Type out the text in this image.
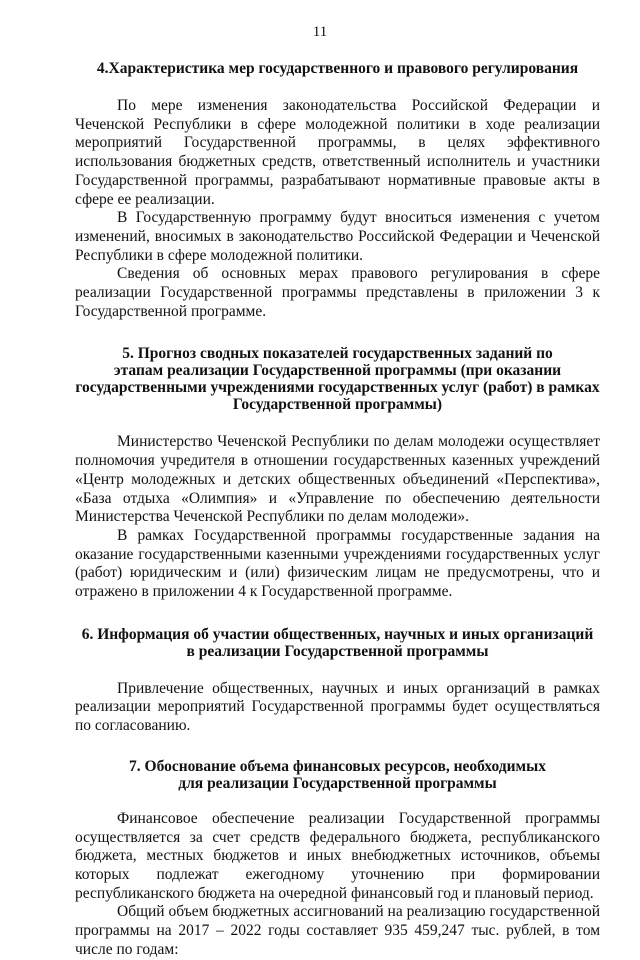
11
4.Характеристика мер государственного и правового регулирования

По мере изменения законодательства Российской Федерации и Чеченской Республики в сфере молодежной политики в ходе реализации мероприятий Государственной программы, в целях эффективного использования бюджетных средств, ответственный исполнитель и участники Государственной программы, разрабатывают нормативные правовые акты в сфере ее реализации.

В Государственную программу будут вноситься изменения с учетом изменений, вносимых в законодательство Российской Федерации и Чеченской Республики в сфере молодежной политики.

Сведения об основных мерах правового регулирования в сфере реализации Государственной программы представлены в приложении 3 к Государственной программе.

5. Прогноз сводных показателей государственных заданий по
этапам реализации Государственной программы (при оказании
государственными учреждениями государственных услуг (работ) в рамках
Государственной программы)

Министерство Чеченской Республики по делам молодежи осуществляет полномочия учредителя в отношении государственных казенных учреждений «Центр молодежных и детских общественных объединений «Перспектива», «База отдыха «Олимпия» и «Управление по обеспечению деятельности Министерства Чеченской Республики по делам молодежи».

В рамках Государственной программы государственные задания на оказание государственными казенными учреждениями государственных услуг (работ) юридическим и (или) физическим лицам не предусмотрены, что и отражено в приложении 4 к Государственной программе.

6. Информация об участии общественных, научных и иных организаций
в реализации Государственной программы

Привлечение общественных, научных и иных организаций в рамках реализации мероприятий Государственной программы будет осуществляться по согласованию.

7. Обоснование объема финансовых ресурсов, необходимых
для реализации Государственной программы

Финансовое обеспечение реализации Государственной программы осуществляется за счет средств федерального бюджета, республиканского бюджета, местных бюджетов и иных внебюджетных источников, объемы которых подлежат ежегодному уточнению при формировании республиканского бюджета на очередной финансовый год и плановый период.

Общий объем бюджетных ассигнований на реализацию государственной программы на 2017 – 2022 годы составляет 935 459,247 тыс. рублей, в том числе по годам:
